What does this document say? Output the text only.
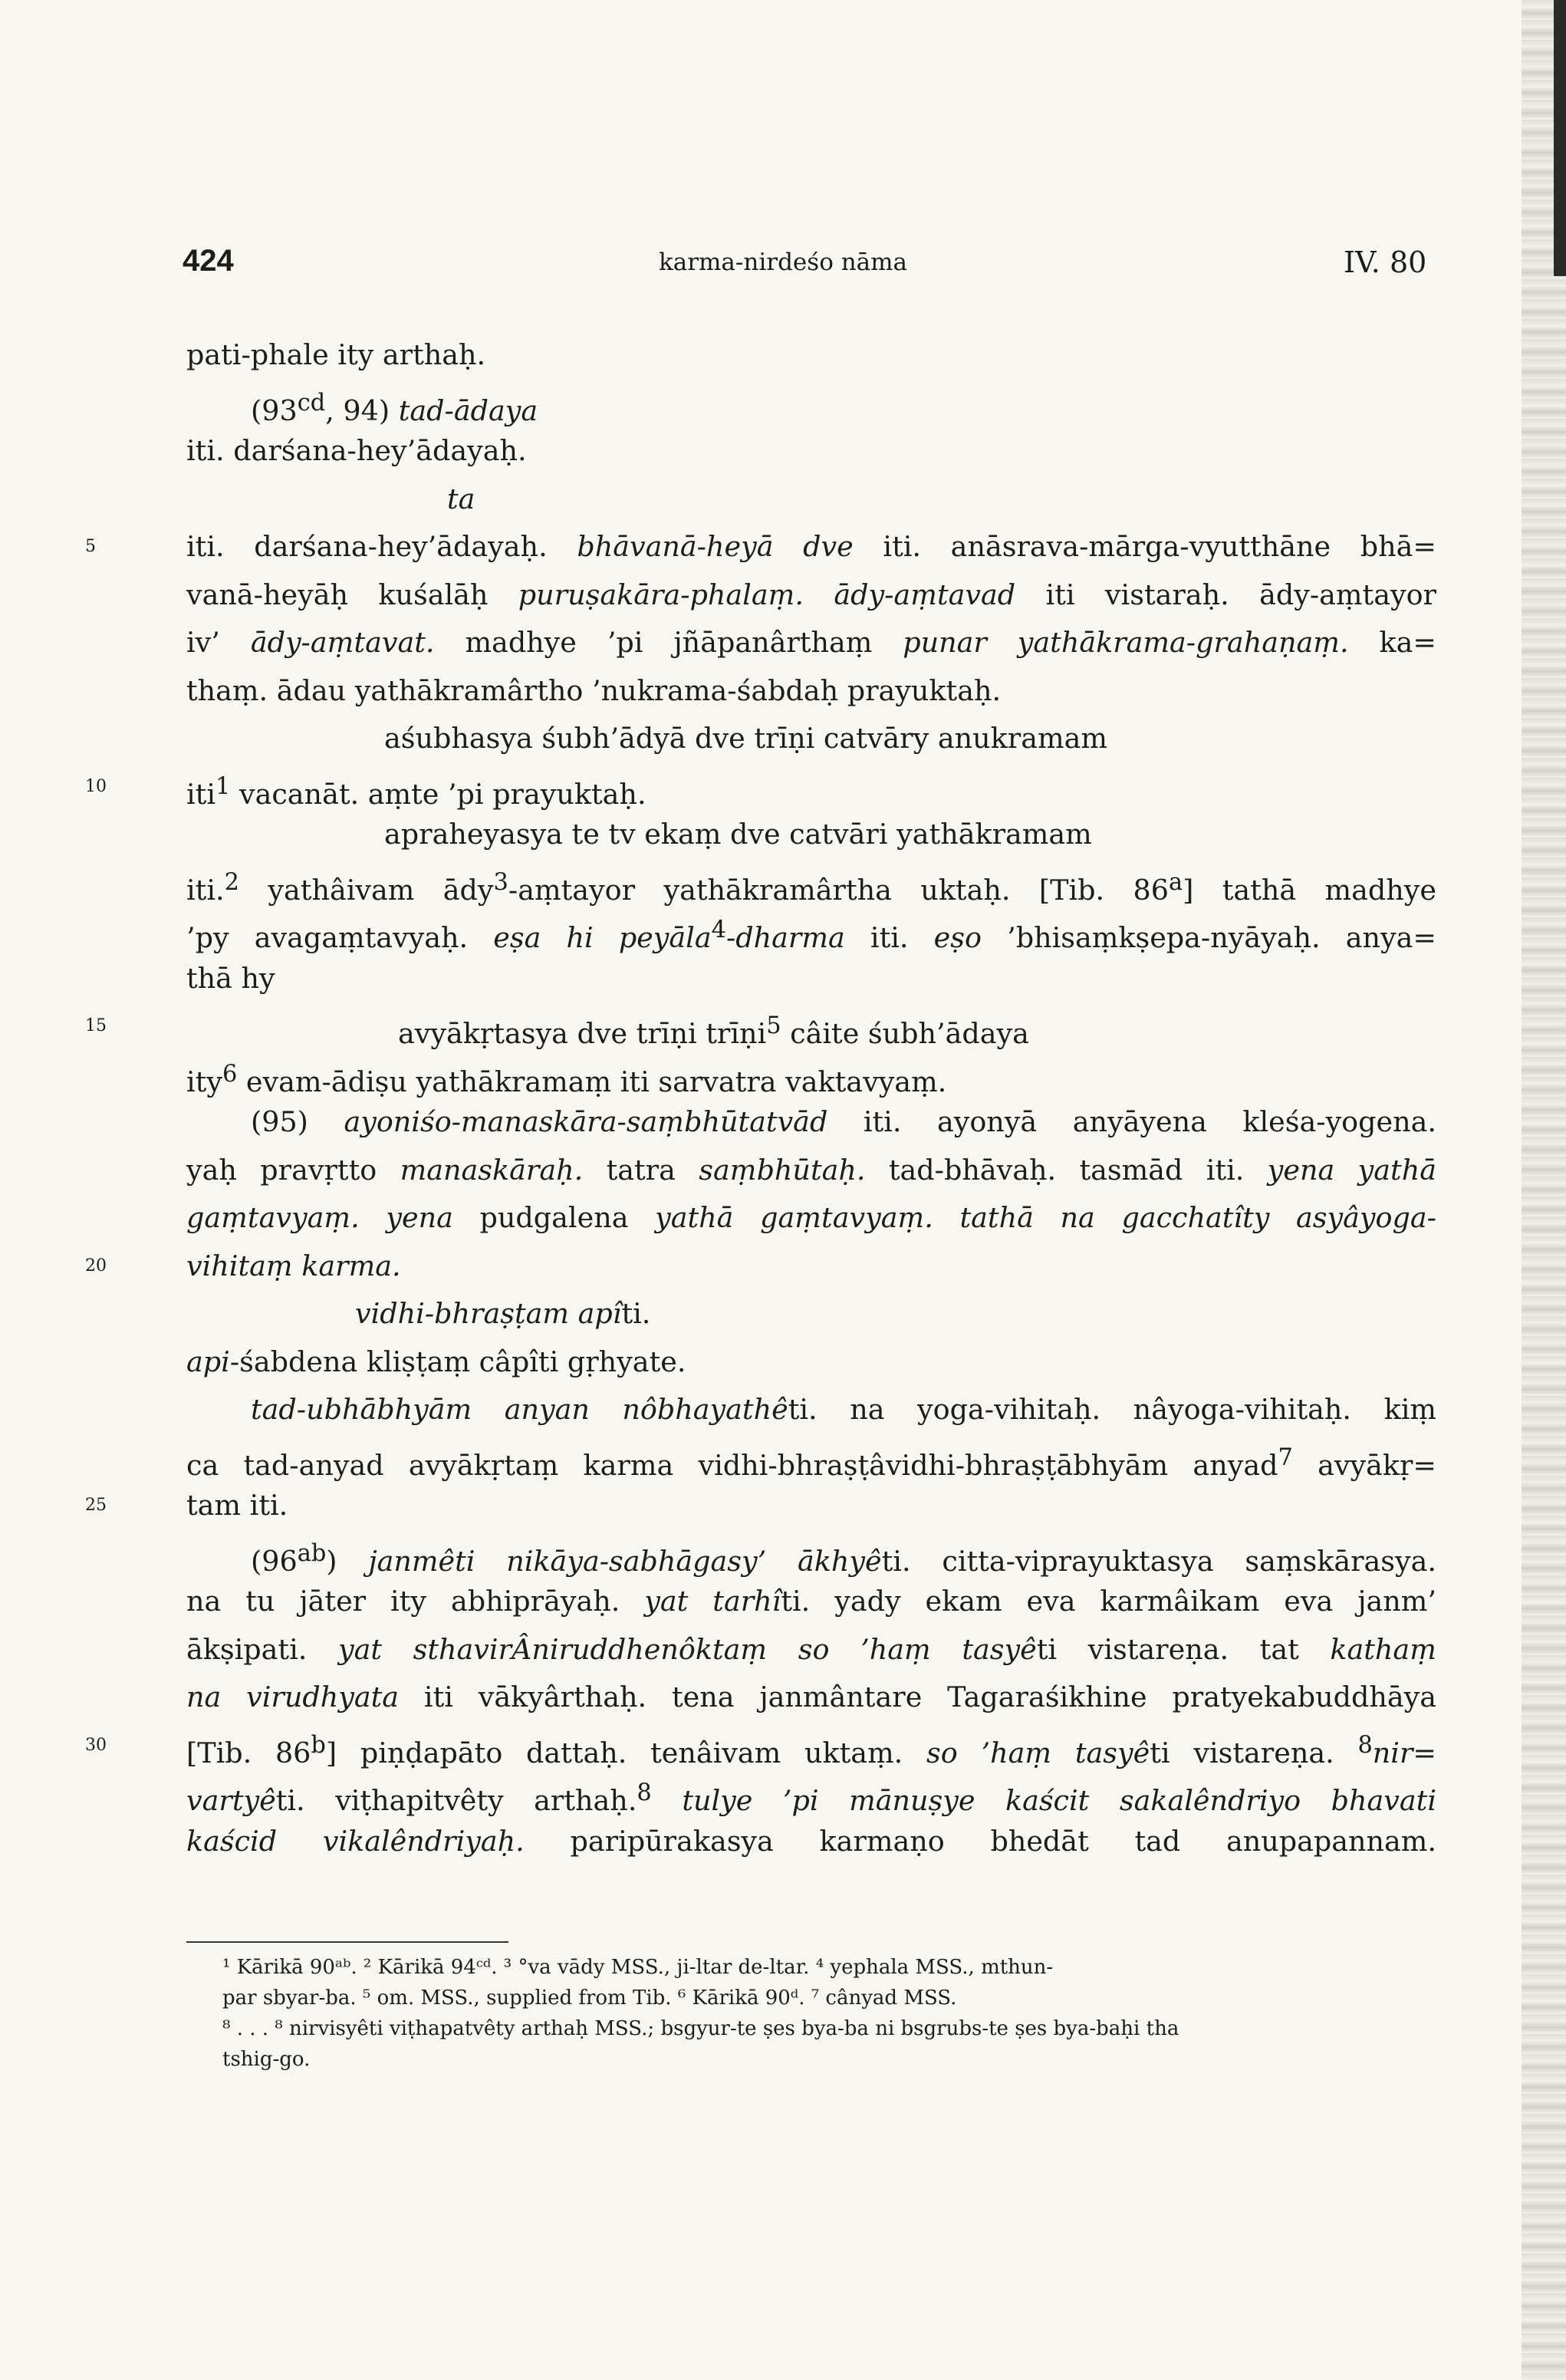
424	karma-nirdeśo nāma	IV. 80
pati-phale ity arthaḥ.
($93^{cd}$, 94) tad-ādaya
iti. darśana-hey’ādayaḥ.
ta
5	iti. darśana-hey’ādayaḥ. bhāvanā-heyā dve iti. anāsrava-mārga-vyutthāne bhā=
vanā-heyāḥ kuśalāḥ puruṣakāra-phalaṃ. ādy-aṃtavad iti vistaraḥ. ādy-aṃtayor
iv’ ādy-aṃtavat. madhye ’pi jñāpanârthaṃ punar yathākrama-grahaṇaṃ. ka=
thaṃ. ādau yathākramârtho ’nukrama-śabdaḥ prayuktaḥ.
aśubhasya śubh’ādyā dve trīṇi catvāry anukramam
10	iti$^1$ vacanāt. aṃte ’pi prayuktaḥ.
apraheyasya te tv ekaṃ dve catvāri yathākramam
iti.$^2$ yathâivam ādy$^3$-aṃtayor yathākramârtha uktaḥ. [Tib. 86$^a$] tathā madhye
’py avagaṃtavyaḥ. eṣa hi peyāla$^4$-dharma iti. eṣo ’bhisaṃkṣepa-nyāyaḥ. anya=
thā hy
15	avyākṛtasya dve trīṇi trīṇi$^5$ câite śubh’ādaya
ity$^6$ evam-ādiṣu yathākramaṃ iti sarvatra vaktavyaṃ.
(95) ayoniśo-manaskāra-saṃbhūtatvād iti. ayonyā anyāyena kleśa-yogena.
yaḥ pravṛtto manaskāraḥ. tatra saṃbhūtaḥ. tad-bhāvaḥ. tasmād iti. yena yathā
gaṃtavyaṃ. yena pudgalena yathā gaṃtavyaṃ. tathā na gacchatîty asyâyoga-
20	vihitaṃ karma.
vidhi-bhraṣṭam apîti.
api-śabdena kliṣṭaṃ câpîti gṛhyate.
tad-ubhābhyām anyan nôbhayathêti. na yoga-vihitaḥ. nâyoga-vihitaḥ. kiṃ
ca tad-anyad avyākṛtaṃ karma vidhi-bhraṣṭâvidhi-bhraṣṭābhyām anyad$^7$ avyākṛ=
25	tam iti.
$(96^{ab})$ janmêti nikāya-sabhāgasy’ ākhyêti. citta-viprayuktasya saṃskārasya.
na tu jāter ity abhiprāyaḥ. yat tarhîti. yady ekam eva karmâikam eva janm’
ākṣipati. yat sthavirÂniruddhenôktaṃ so ’haṃ tasyêti vistareṇa. tat kathaṃ
na virudhyata iti vākyârthaḥ. tena janmântare Tagaraśikhine pratyekabuddhāya
30	[Tib. 86$^b$] piṇḍapāto dattaḥ. tenâivam uktaṃ. so ’haṃ tasyêti vistareṇa. $^8$nir=
vartyêti. viṭhapitvêty arthaḥ.$^8$ tulye ’pi mānuṣye kaścit sakalêndriyo bhavati
kaścid vikalêndriyaḥ. paripūrakasya karmaṇo bhedāt tad anupapannam.
¹ Kārikā 90ᵃᵇ. ² Kārikā 94ᶜᵈ. ³ °va vādy MSS., ji-ltar de-ltar. ⁴ yephala MSS., mthun-
par sbyar-ba. ⁵ om. MSS., supplied from Tib. ⁶ Kārikā 90ᵈ. ⁷ cânyad MSS.
⁸ . . . ⁸ nirvisyêti viṭhapatvêty arthaḥ MSS.; bsgyur-te ṣes bya-ba ni bsgrubs-te ṣes bya-baḥi tha
tshig-go.
